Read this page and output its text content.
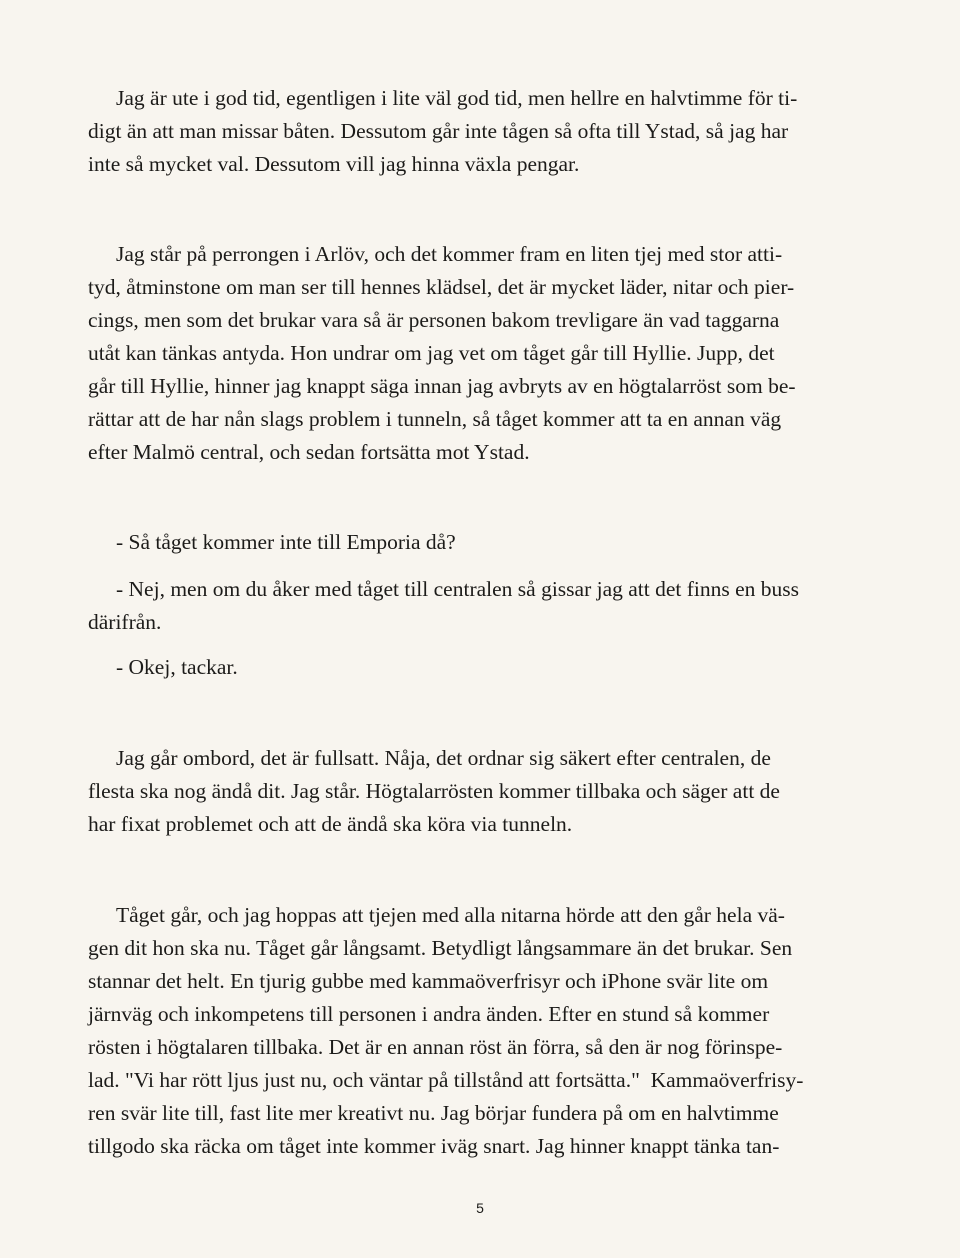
Jag är ute i god tid, egentligen i lite väl god tid, men hellre en halvtimme för ti-
digt än att man missar båten. Dessutom går inte tågen så ofta till Ystad, så jag har
inte så mycket val. Dessutom vill jag hinna växla pengar.
Jag står på perrongen i Arlöv, och det kommer fram en liten tjej med stor atti-
tyd, åtminstone om man ser till hennes klädsel, det är mycket läder, nitar och pier-
cings, men som det brukar vara så är personen bakom trevligare än vad taggarna
utåt kan tänkas antyda. Hon undrar om jag vet om tåget går till Hyllie. Jupp, det
går till Hyllie, hinner jag knappt säga innan jag avbryts av en högtalarröst som be-
rättar att de har nån slags problem i tunneln, så tåget kommer att ta en annan väg
efter Malmö central, och sedan fortsätta mot Ystad.
- Så tåget kommer inte till Emporia då?
- Nej, men om du åker med tåget till centralen så gissar jag att det finns en buss
därifrån.
- Okej, tackar.
Jag går ombord, det är fullsatt. Nåja, det ordnar sig säkert efter centralen, de
flesta ska nog ändå dit. Jag står. Högtalarrösten kommer tillbaka och säger att de
har fixat problemet och att de ändå ska köra via tunneln.
Tåget går, och jag hoppas att tjejen med alla nitarna hörde att den går hela vä-
gen dit hon ska nu. Tåget går långsamt. Betydligt långsammare än det brukar. Sen
stannar det helt. En tjurig gubbe med kammaöverfrisyr och iPhone svär lite om
järnväg och inkompetens till personen i andra änden. Efter en stund så kommer
rösten i högtalaren tillbaka. Det är en annan röst än förra, så den är nog förinspe-
lad. "Vi har rött ljus just nu, och väntar på tillstånd att fortsätta."  Kammaöverfrisy-
ren svär lite till, fast lite mer kreativt nu. Jag börjar fundera på om en halvtimme
tillgodo ska räcka om tåget inte kommer iväg snart. Jag hinner knappt tänka tan-
5
